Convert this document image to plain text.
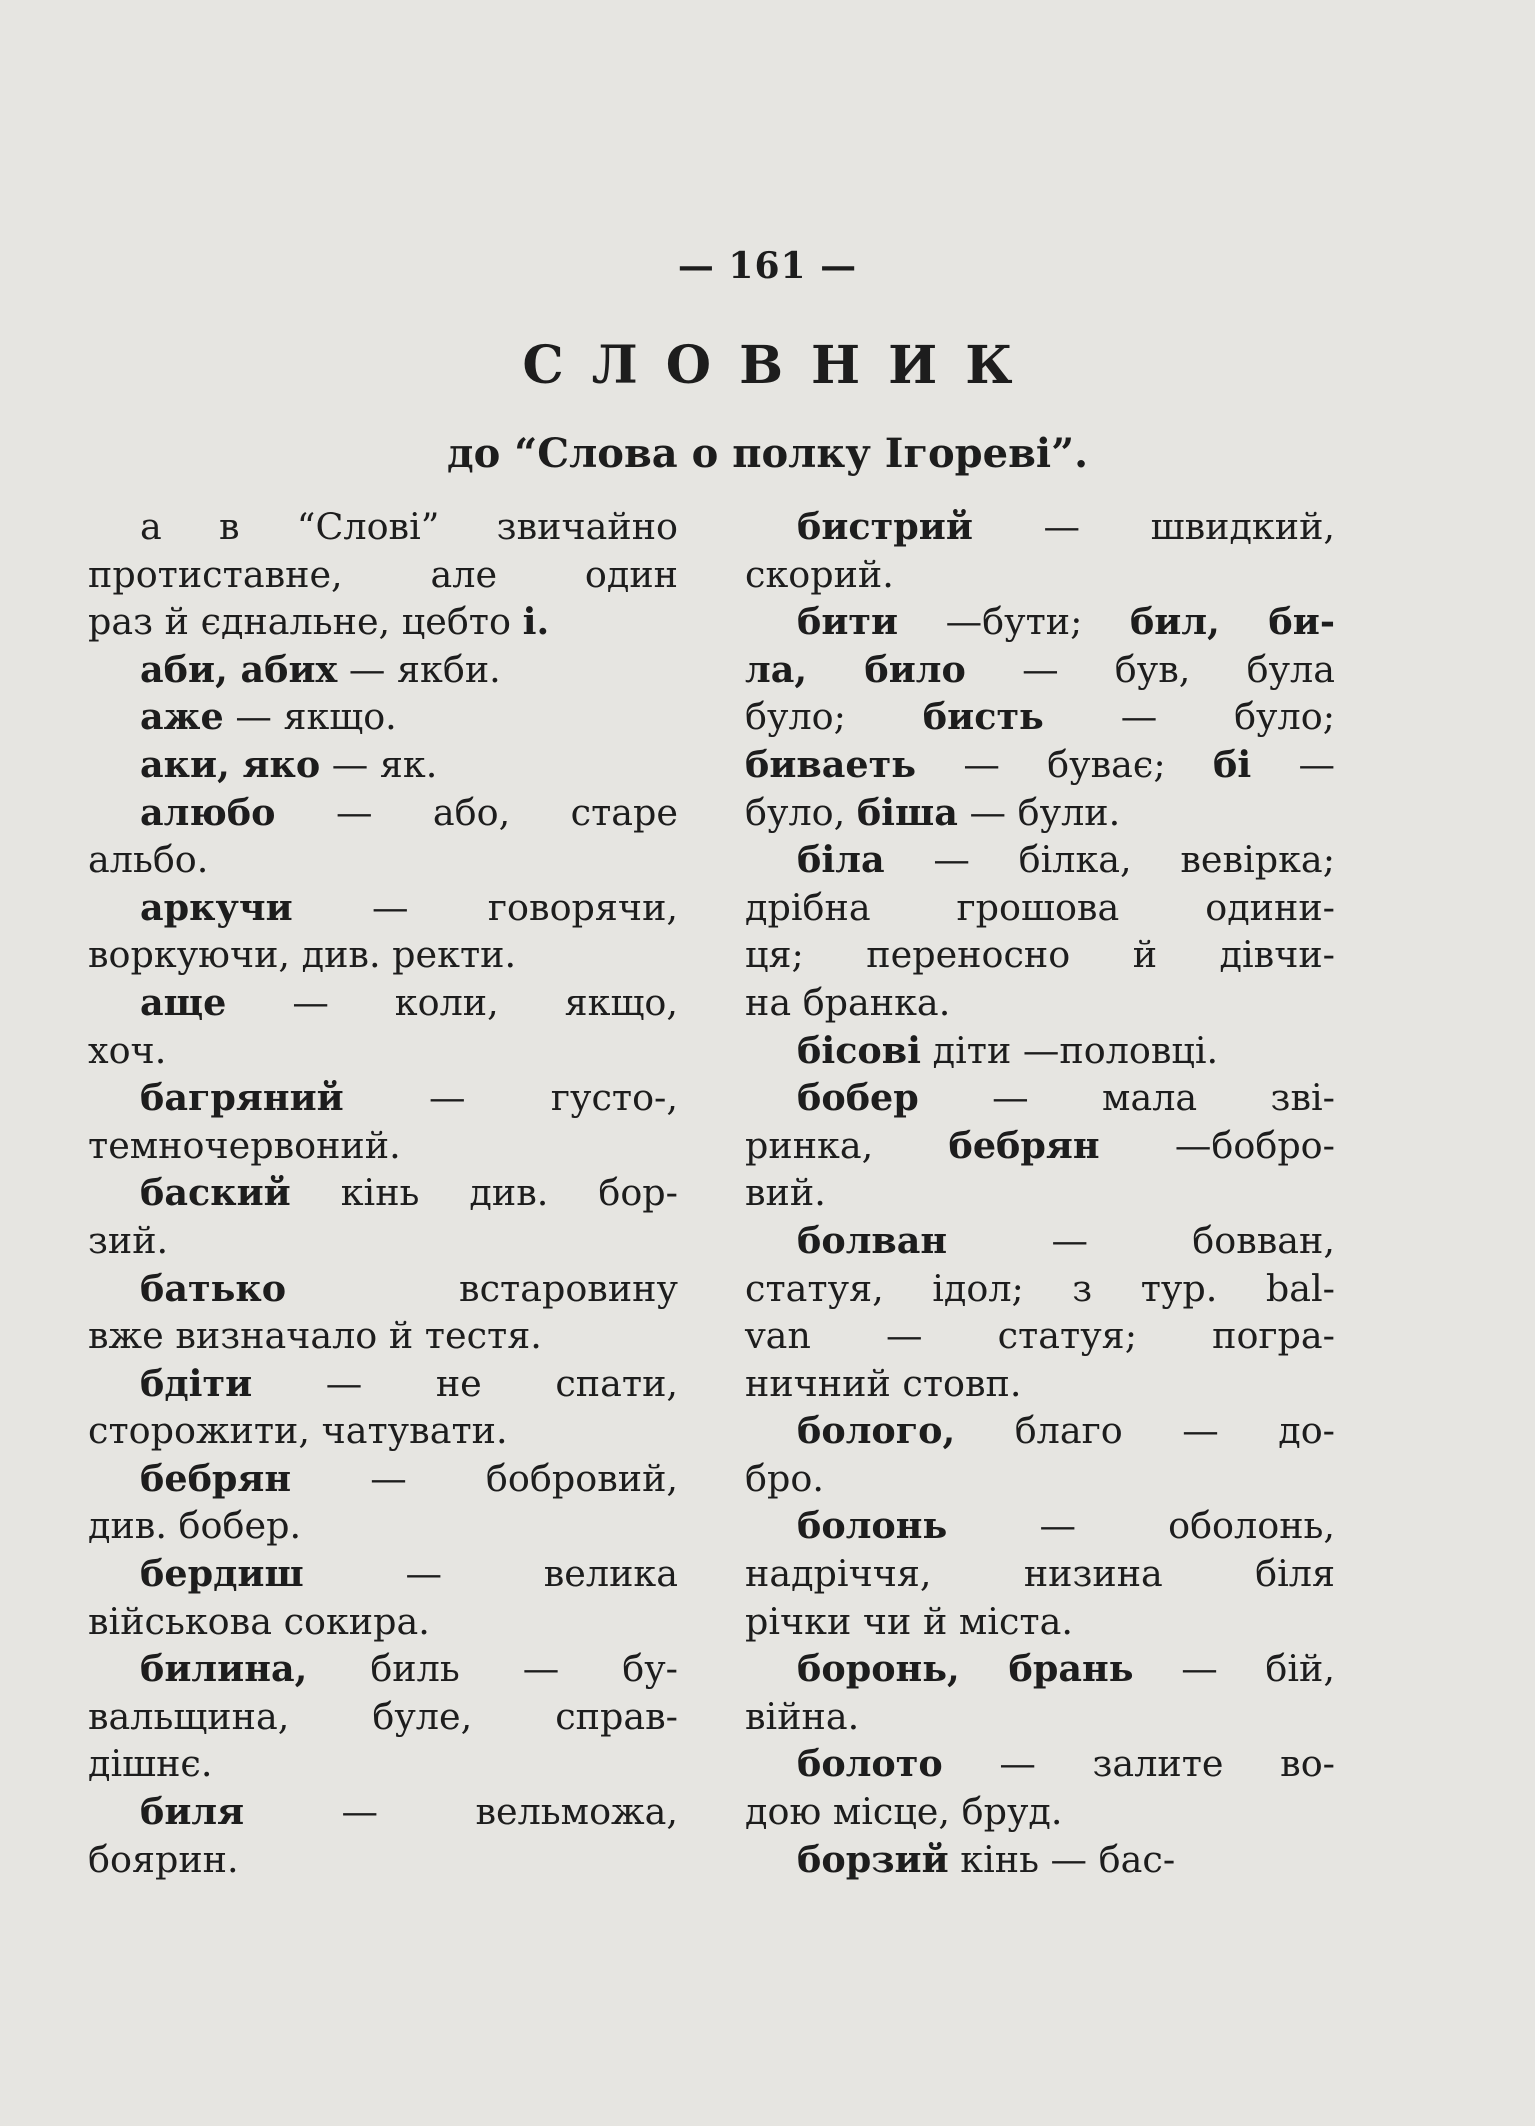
— 161 —
СЛОВНИК
до “Слова о полку Ігореві”.

а в “Слові” звичайно
протиставне, але один
раз й єднальне, цебто і.

аби, абих — якби.

аже — якщо.

аки, яко — як.

алюбо — або, старе
альбо.

аркучи — говорячи,
воркуючи, див. ректи.

аще — коли, якщо,
хоч.

багряний — густо-,
темночервоний.

баский кінь див. бор-
зий.

батько встаровину
вже визначало й тестя.

бдіти — не спати,
сторожити, чатувати.

бебрян — бобровий,
див. бобер.

бердиш — велика
військова сокира.

билина, биль — бу-
вальщина, буле, справ-
дішнє.

биля — вельможа,
боярин.

бистрий — швидкий,
скорий.

бити —бути; бил, би-
ла, било — був, була
було; бисть — було;
биваеть — буває; бі —
було, біша — були.

біла — білка, вевірка;
дрібна грошова одини-
ця; переносно й дівчи-
на бранка.

бісові діти —половці.

бобер — мала зві-
ринка, бебрян —бобро-
вий.

болван — бовван,
статуя, ідол; з тур. bal-
van — статуя; погра-
ничний стовп.

болого, благо — до-
бро.

болонь — оболонь,
надріччя, низина біля
річки чи й міста.

боронь, брань — бій,
війна.

болото — залите во-
дою місце, бруд.

борзий кінь — бас-
